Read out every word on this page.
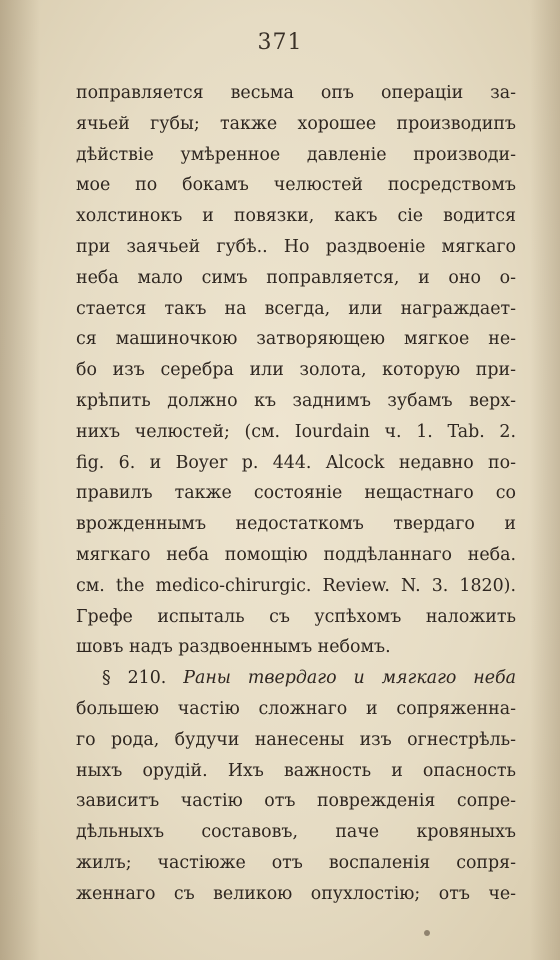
371
поправляется весьма опъ операціи за-
ячьей губы; также хорошее производипъ
дѣйствіе умѣренное давленіе производи-
мое по бокамъ челюстей посредствомъ
холстинокъ и повязки, какъ сіе водится
при заячьей губѣ.. Но раздвоеніе мягкаго
неба мало симъ поправляется, и оно о-
стается такъ на всегда, или награждает-
ся машиночкою затворяющею мягкое не-
бо изъ серебра или золота, которую при-
крѣпить должно къ заднимъ зубамъ верх-
нихъ челюстей; (см. Iourdain ч. 1. Tab. 2.
fig. 6. и Boyer p. 444. Alcock недавно по-
правилъ также состояніе нещастнаго со
врожденнымъ недостаткомъ твердаго и
мягкаго неба помощію поддѣланнаго неба.
см. the medico-chirurgic. Review. N. 3. 1820).
Грефе испыталь съ успѣхомъ наложить
шовъ надъ раздвоеннымъ небомъ.
§ 210. Раны твердаго и мягкаго неба
большею частію сложнаго и сопряженна-
го рода, будучи нанесены изъ огнестрѣль-
ныхъ орудій. Ихъ важность и опасность
зависитъ частію отъ поврежденія сопре-
дѣльныхъ составовъ, паче кровяныхъ
жилъ; частіюже отъ воспаленія сопря-
женнаго съ великою опухлостію; отъ че-
